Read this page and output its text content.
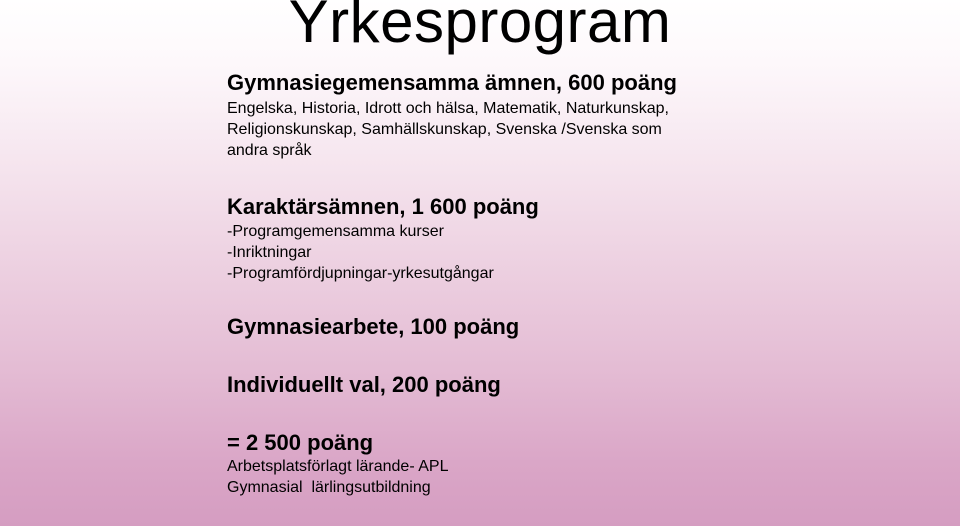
Yrkesprogram

Gymnasiegemensamma ämnen, 600 poäng

Engelska, Historia, Idrott och hälsa, Matematik, Naturkunskap,

Religionskunskap, Samhällskunskap, Svenska /Svenska som

andra språk

Karaktärsämnen, 1 600 poäng

-Programgemensamma kurser

-Inriktningar

-Programfördjupningar-yrkesutgångar

Gymnasiearbete, 100 poäng

Individuellt val, 200 poäng

= 2 500 poäng

Arbetsplatsförlagt lärande- APL

Gymnasial  lärlingsutbildning
